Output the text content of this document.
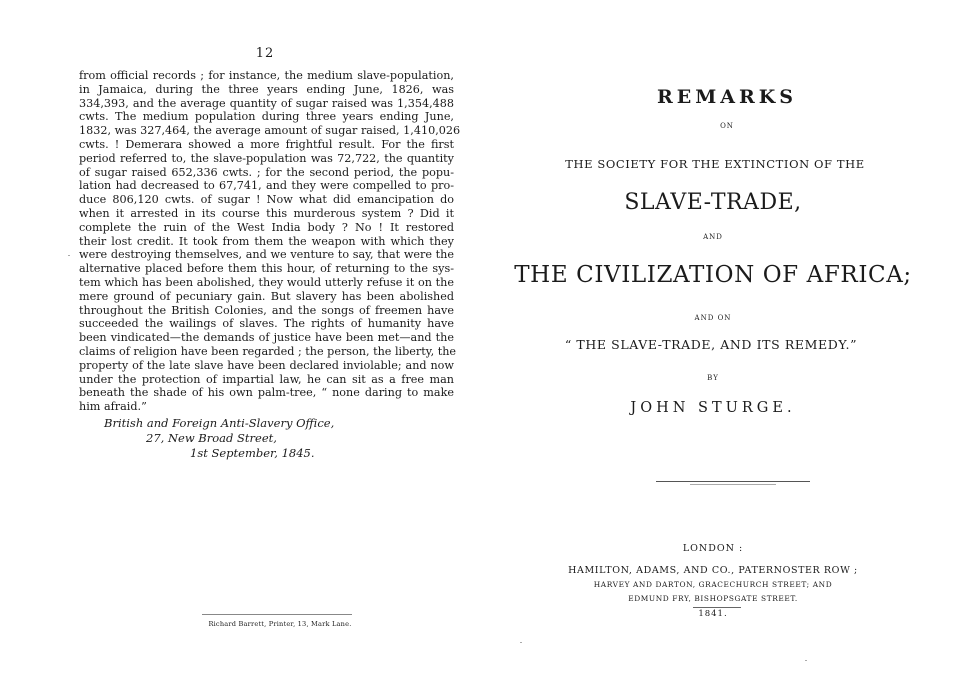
12

from official records ; for instance, the medium slave-population,
in Jamaica, during the three years ending June, 1826, was
334,393, and the average quantity of sugar raised was 1,354,488
cwts. The medium population during three years ending June,
1832, was 327,464, the average amount of sugar raised, 1,410,026
cwts. ! Demerara showed a more frightful result. For the first
period referred to, the slave-population was 72,722, the quantity
of sugar raised 652,336 cwts. ; for the second period, the popu-
lation had decreased to 67,741, and they were compelled to pro-
duce 806,120 cwts. of sugar ! Now what did emancipation do
when it arrested in its course this murderous system ? Did it
complete the ruin of the West India body ? No ! It restored
their lost credit. It took from them the weapon with which they
were destroying themselves, and we venture to say, that were the
alternative placed before them this hour, of returning to the sys-
tem which has been abolished, they would utterly refuse it on the
mere ground of pecuniary gain. But slavery has been abolished
throughout the British Colonies, and the songs of freemen have
succeeded the wailings of slaves. The rights of humanity have
been vindicated—the demands of justice have been met—and the
claims of religion have been regarded ; the person, the liberty, the
property of the late slave have been declared inviolable; and now
under the protection of impartial law, he can sit as a free man
beneath the shade of his own palm-tree, “ none daring to make
him afraid.”

British and Foreign Anti-Slavery Office,
27, New Broad Street,
1st September, 1845.
Richard Barrett, Printer, 13, Mark Lane.
REMARKS
ON
THE SOCIETY FOR THE EXTINCTION OF THE
SLAVE-TRADE,
AND
THE CIVILIZATION OF AFRICA;
AND ON
“ THE SLAVE-TRADE, AND ITS REMEDY.”
BY
JOHN STURGE.
LONDON :
HAMILTON, ADAMS, AND CO., PATERNOSTER ROW ;
HARVEY AND DARTON, GRACECHURCH STREET; AND
EDMUND FRY, BISHOPSGATE STREET.
1841.
